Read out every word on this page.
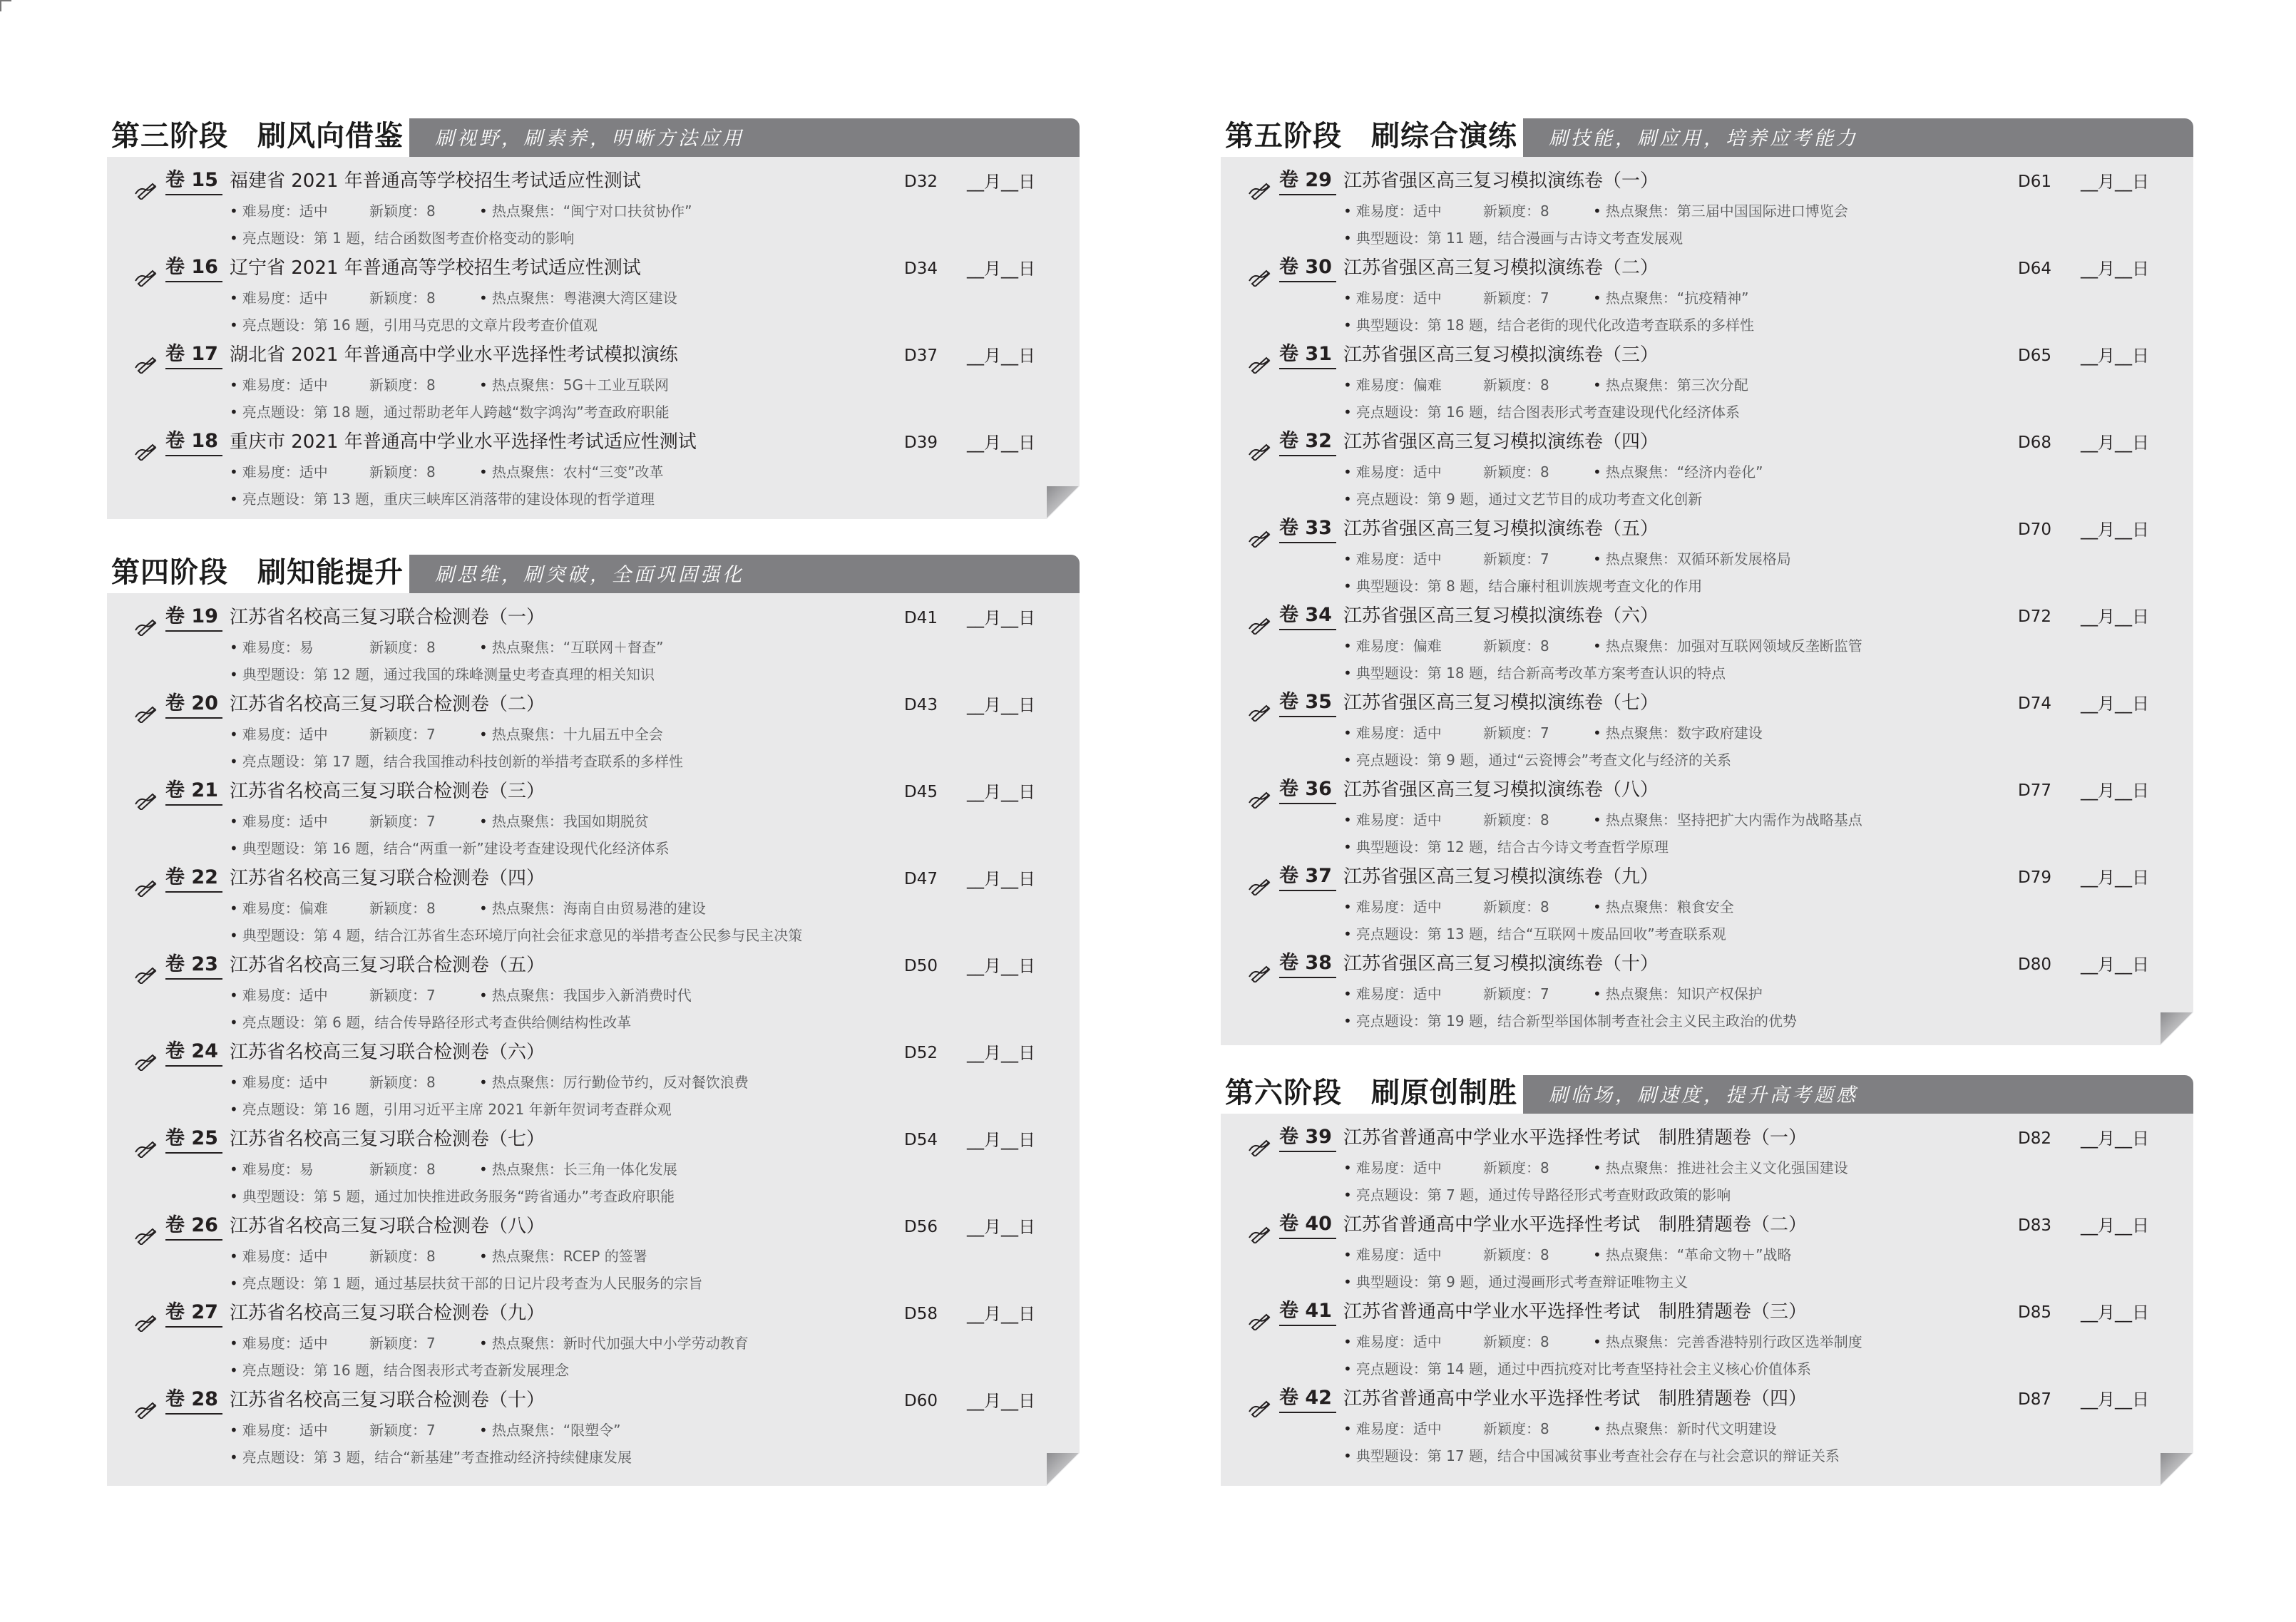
第三阶段　刷风向借鉴 刷视野，刷素养，明晰方法应用
卷 15 福建省 2021 年普通高等学校招生考试适应性测试	D32 __月__日
• 难易度：适中	新颖度：8	• 热点聚焦：“闽宁对口扶贫协作”
• 亮点题设：第 1 题，结合函数图考查价格变动的影响
卷 16 辽宁省 2021 年普通高等学校招生考试适应性测试	D34 __月__日
• 难易度：适中	新颖度：8	• 热点聚焦：粤港澳大湾区建设
• 亮点题设：第 16 题，引用马克思的文章片段考查价值观
卷 17 湖北省 2021 年普通高中学业水平选择性考试模拟演练	D37 __月__日
• 难易度：适中	新颖度：8	• 热点聚焦：5G＋工业互联网
• 亮点题设：第 18 题，通过帮助老年人跨越“数字鸿沟”考查政府职能
卷 18 重庆市 2021 年普通高中学业水平选择性考试适应性测试	D39 __月__日
• 难易度：适中	新颖度：8	• 热点聚焦：农村“三变”改革
• 亮点题设：第 13 题，重庆三峡库区消落带的建设体现的哲学道理
第四阶段　刷知能提升 刷思维，刷突破，全面巩固强化
卷 19 江苏省名校高三复习联合检测卷（一）	D41 __月__日
• 难易度：易	新颖度：8	• 热点聚焦：“互联网＋督查”
• 典型题设：第 12 题，通过我国的珠峰测量史考查真理的相关知识
卷 20 江苏省名校高三复习联合检测卷（二）	D43 __月__日
• 难易度：适中	新颖度：7	• 热点聚焦：十九届五中全会
• 亮点题设：第 17 题，结合我国推动科技创新的举措考查联系的多样性
卷 21 江苏省名校高三复习联合检测卷（三）	D45 __月__日
• 难易度：适中	新颖度：7	• 热点聚焦：我国如期脱贫
• 典型题设：第 16 题，结合“两重一新”建设考查建设现代化经济体系
卷 22 江苏省名校高三复习联合检测卷（四）	D47 __月__日
• 难易度：偏难	新颖度：8	• 热点聚焦：海南自由贸易港的建设
• 典型题设：第 4 题，结合江苏省生态环境厅向社会征求意见的举措考查公民参与民主决策
卷 23 江苏省名校高三复习联合检测卷（五）	D50 __月__日
• 难易度：适中	新颖度：7	• 热点聚焦：我国步入新消费时代
• 亮点题设：第 6 题，结合传导路径形式考查供给侧结构性改革
卷 24 江苏省名校高三复习联合检测卷（六）	D52 __月__日
• 难易度：适中	新颖度：8	• 热点聚焦：厉行勤俭节约，反对餐饮浪费
• 亮点题设：第 16 题，引用习近平主席 2021 年新年贺词考查群众观
卷 25 江苏省名校高三复习联合检测卷（七）	D54 __月__日
• 难易度：易	新颖度：8	• 热点聚焦：长三角一体化发展
• 典型题设：第 5 题，通过加快推进政务服务“跨省通办”考查政府职能
卷 26 江苏省名校高三复习联合检测卷（八）	D56 __月__日
• 难易度：适中	新颖度：8	• 热点聚焦：RCEP 的签署
• 亮点题设：第 1 题，通过基层扶贫干部的日记片段考查为人民服务的宗旨
卷 27 江苏省名校高三复习联合检测卷（九）	D58 __月__日
• 难易度：适中	新颖度：7	• 热点聚焦：新时代加强大中小学劳动教育
• 亮点题设：第 16 题，结合图表形式考查新发展理念
卷 28 江苏省名校高三复习联合检测卷（十）	D60 __月__日
• 难易度：适中	新颖度：7	• 热点聚焦：“限塑令”
• 亮点题设：第 3 题，结合“新基建”考查推动经济持续健康发展
第五阶段　刷综合演练 刷技能，刷应用，培养应考能力
卷 29 江苏省强区高三复习模拟演练卷（一）	D61 __月__日
• 难易度：适中	新颖度：8	• 热点聚焦：第三届中国国际进口博览会
• 典型题设：第 11 题，结合漫画与古诗文考查发展观
卷 30 江苏省强区高三复习模拟演练卷（二）	D64 __月__日
• 难易度：适中	新颖度：7	• 热点聚焦：“抗疫精神”
• 典型题设：第 18 题，结合老街的现代化改造考查联系的多样性
卷 31 江苏省强区高三复习模拟演练卷（三）	D65 __月__日
• 难易度：偏难	新颖度：8	• 热点聚焦：第三次分配
• 亮点题设：第 16 题，结合图表形式考查建设现代化经济体系
卷 32 江苏省强区高三复习模拟演练卷（四）	D68 __月__日
• 难易度：适中	新颖度：8	• 热点聚焦：“经济内卷化”
• 亮点题设：第 9 题，通过文艺节目的成功考查文化创新
卷 33 江苏省强区高三复习模拟演练卷（五）	D70 __月__日
• 难易度：适中	新颖度：7	• 热点聚焦：双循环新发展格局
• 典型题设：第 8 题，结合廉村租训族规考查文化的作用
卷 34 江苏省强区高三复习模拟演练卷（六）	D72 __月__日
• 难易度：偏难	新颖度：8	• 热点聚焦：加强对互联网领域反垄断监管
• 典型题设：第 18 题，结合新高考改革方案考查认识的特点
卷 35 江苏省强区高三复习模拟演练卷（七）	D74 __月__日
• 难易度：适中	新颖度：7	• 热点聚焦：数字政府建设
• 亮点题设：第 9 题，通过“云瓷博会”考查文化与经济的关系
卷 36 江苏省强区高三复习模拟演练卷（八）	D77 __月__日
• 难易度：适中	新颖度：8	• 热点聚焦：坚持把扩大内需作为战略基点
• 典型题设：第 12 题，结合古今诗文考查哲学原理
卷 37 江苏省强区高三复习模拟演练卷（九）	D79 __月__日
• 难易度：适中	新颖度：8	• 热点聚焦：粮食安全
• 亮点题设：第 13 题，结合“互联网＋废品回收”考查联系观
卷 38 江苏省强区高三复习模拟演练卷（十）	D80 __月__日
• 难易度：适中	新颖度：7	• 热点聚焦：知识产权保护
• 亮点题设：第 19 题，结合新型举国体制考查社会主义民主政治的优势
第六阶段　刷原创制胜 刷临场，刷速度，提升高考题感
卷 39 江苏省普通高中学业水平选择性考试　制胜猜题卷（一）	D82 __月__日
• 难易度：适中	新颖度：8	• 热点聚焦：推进社会主义文化强国建设
• 亮点题设：第 7 题，通过传导路径形式考查财政政策的影响
卷 40 江苏省普通高中学业水平选择性考试　制胜猜题卷（二）	D83 __月__日
• 难易度：适中	新颖度：8	• 热点聚焦：“革命文物＋”战略
• 典型题设：第 9 题，通过漫画形式考查辩证唯物主义
卷 41 江苏省普通高中学业水平选择性考试　制胜猜题卷（三）	D85 __月__日
• 难易度：适中	新颖度：8	• 热点聚焦：完善香港特别行政区选举制度
• 亮点题设：第 14 题，通过中西抗疫对比考查坚持社会主义核心价值体系
卷 42 江苏省普通高中学业水平选择性考试　制胜猜题卷（四）	D87 __月__日
• 难易度：适中	新颖度：8	• 热点聚焦：新时代文明建设
• 典型题设：第 17 题，结合中国减贫事业考查社会存在与社会意识的辩证关系
